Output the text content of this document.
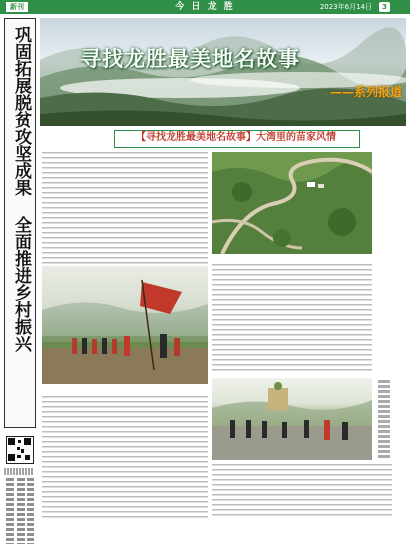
新刊	今 日 龙 胜	2023年6月14日	3
巩固拓展脱贫攻坚成果 全面推进乡村振兴 寻找龙胜最美地名故事
——系列报道
【寻找龙胜最美地名故事】大湾里的苗家风情
